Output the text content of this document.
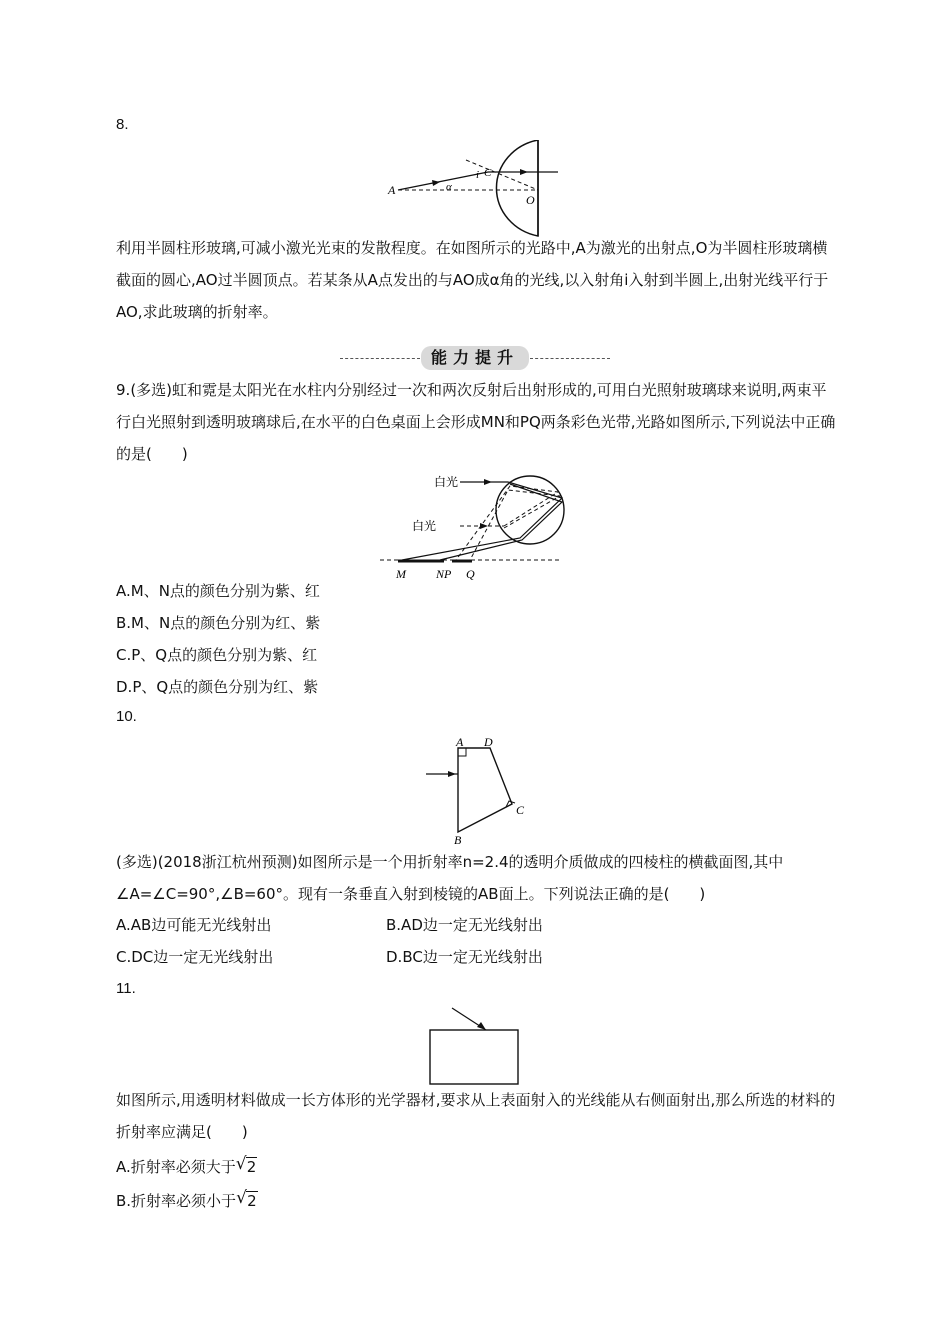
8.
A	α
i C
O
利用半圆柱形玻璃,可减小激光光束的发散程度。在如图所示的光路中,A为激光的出射点,O为半圆柱形玻璃横截面的圆心,AO过半圆顶点。若某条从A点发出的与AO成α角的光线,以入射角i入射到半圆上,出射光线平行于AO,求此玻璃的折射率。
能力提升
9.(多选)虹和霓是太阳光在水柱内分别经过一次和两次反射后出射形成的,可用白光照射玻璃球来说明,两束平行白光照射到透明玻璃球后,在水平的白色桌面上会形成MN和PQ两条彩色光带,光路如图所示,下列说法中正确的是(　　)
白光
白光
M	NP Q
A.M、N点的颜色分别为紫、红
B.M、N点的颜色分别为红、紫
C.P、Q点的颜色分别为紫、红
D.P、Q点的颜色分别为红、紫
10.
A D
C
B
(多选)(2018浙江杭州预测)如图所示是一个用折射率n=2.4的透明介质做成的四棱柱的横截面图,其中∠A=∠C=90°,∠B=60°。现有一条垂直入射到棱镜的AB面上。下列说法正确的是(　　)
A.AB边可能无光线射出	B.AD边一定无光线射出
C.DC边一定无光线射出	D.BC边一定无光线射出
11.
如图所示,用透明材料做成一长方体形的光学器材,要求从上表面射入的光线能从右侧面射出,那么所选的材料的折射率应满足(　　)
A.折射率必须大于 √ 2
B.折射率必须小于 √ 2
